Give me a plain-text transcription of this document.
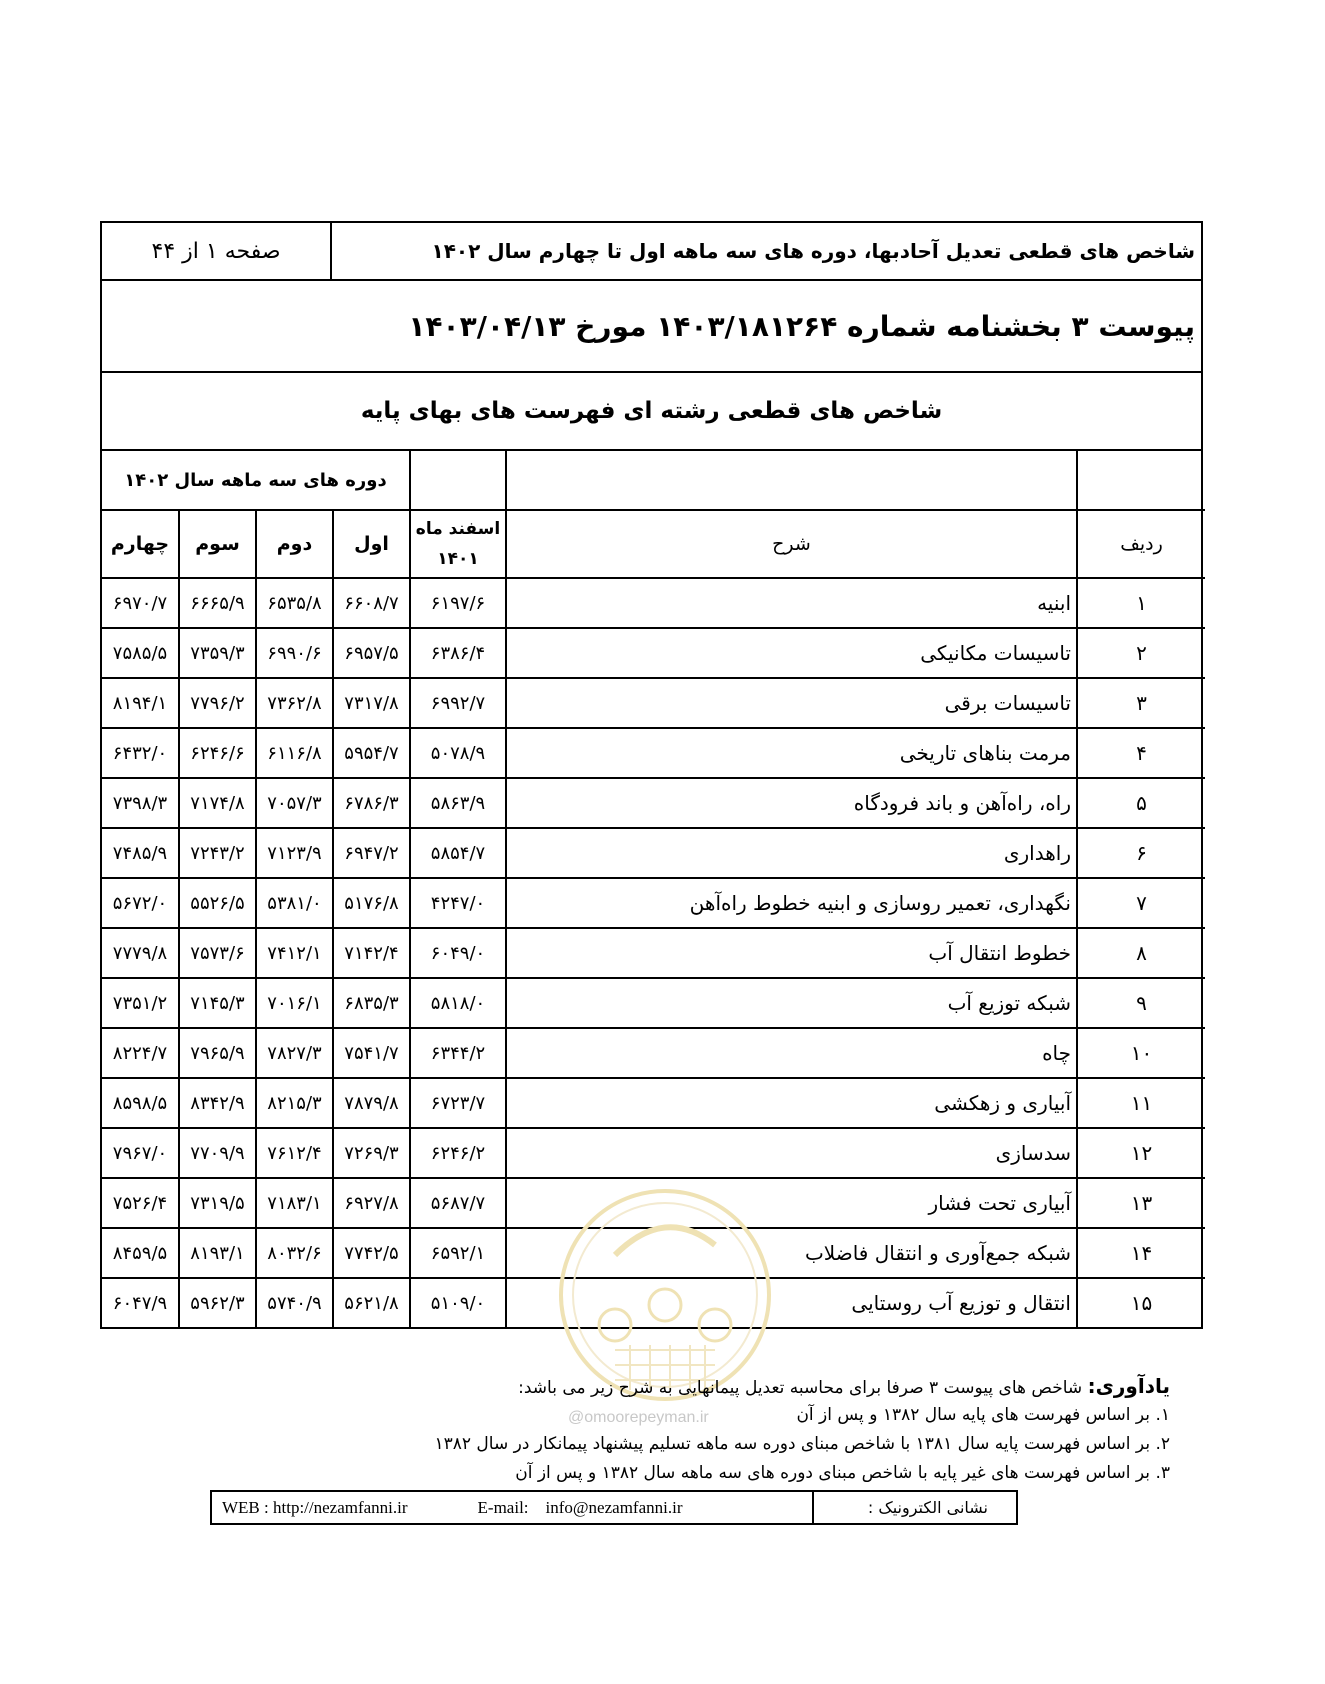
شاخص های قطعی تعدیل آحادبها، دوره های سه ماهه اول تا چهارم سال ۱۴۰۲
صفحه ۱ از ۴۴
پیوست ۳ بخشنامه شماره ۱۴۰۳/۱۸۱۲۶۴ مورخ ۱۴۰۳/۰۴/۱۳
شاخص های قطعی رشته ای فهرست های بهای پایه
			دوره های سه ماهه سال ۱۴۰۲			
ردیف	شرح	اسفند ماه
۱۴۰۱	اول	دوم	سوم	چهارم
۱	ابنیه	۶۱۹۷/۶	۶۶۰۸/۷	۶۵۳۵/۸	۶۶۶۵/۹	۶۹۷۰/۷
۲	تاسیسات مکانیکی	۶۳۸۶/۴	۶۹۵۷/۵	۶۹۹۰/۶	۷۳۵۹/۳	۷۵۸۵/۵
۳	تاسیسات برقی	۶۹۹۲/۷	۷۳۱۷/۸	۷۳۶۲/۸	۷۷۹۶/۲	۸۱۹۴/۱
۴	مرمت بناهای تاریخی	۵۰۷۸/۹	۵۹۵۴/۷	۶۱۱۶/۸	۶۲۴۶/۶	۶۴۳۲/۰
۵	راه، راه‌آهن و باند فرودگاه	۵۸۶۳/۹	۶۷۸۶/۳	۷۰۵۷/۳	۷۱۷۴/۸	۷۳۹۸/۳
۶	راهداری	۵۸۵۴/۷	۶۹۴۷/۲	۷۱۲۳/۹	۷۲۴۳/۲	۷۴۸۵/۹
۷	نگهداری، تعمیر روسازی و ابنیه خطوط راه‌آهن	۴۲۴۷/۰	۵۱۷۶/۸	۵۳۸۱/۰	۵۵۲۶/۵	۵۶۷۲/۰
۸	خطوط انتقال آب	۶۰۴۹/۰	۷۱۴۲/۴	۷۴۱۲/۱	۷۵۷۳/۶	۷۷۷۹/۸
۹	شبکه توزیع آب	۵۸۱۸/۰	۶۸۳۵/۳	۷۰۱۶/۱	۷۱۴۵/۳	۷۳۵۱/۲
۱۰	چاه	۶۳۴۴/۲	۷۵۴۱/۷	۷۸۲۷/۳	۷۹۶۵/۹	۸۲۲۴/۷
۱۱	آبیاری و زهکشی	۶۷۲۳/۷	۷۸۷۹/۸	۸۲۱۵/۳	۸۳۴۲/۹	۸۵۹۸/۵
۱۲	سدسازی	۶۲۴۶/۲	۷۲۶۹/۳	۷۶۱۲/۴	۷۷۰۹/۹	۷۹۶۷/۰
۱۳	آبیاری تحت فشار	۵۶۸۷/۷	۶۹۲۷/۸	۷۱۸۳/۱	۷۳۱۹/۵	۷۵۲۶/۴
۱۴	شبکه جمع‌آوری و انتقال فاضلاب	۶۵۹۲/۱	۷۷۴۲/۵	۸۰۳۲/۶	۸۱۹۳/۱	۸۴۵۹/۵
۱۵	انتقال و توزیع آب روستایی	۵۱۰۹/۰	۵۶۲۱/۸	۵۷۴۰/۹	۵۹۶۲/۳	۶۰۴۷/۹
@omoorepeyman.ir
یادآوری: شاخص های پیوست ۳ صرفا برای محاسبه تعدیل پیمانهایی به شرح زیر می باشد:
۱. بر اساس فهرست های پایه سال ۱۳۸۲ و پس از آن
۲. بر اساس فهرست پایه سال ۱۳۸۱ با شاخص مبنای دوره سه ماهه تسلیم پیشنهاد پیمانکار در سال ۱۳۸۲
۳. بر اساس فهرست های غیر پایه با شاخص مبنای دوره های سه ماهه سال ۱۳۸۲ و پس از آن
نشانی الکترونیک :
WEB : http://nezamfanni.ir	E-mail:    info@nezamfanni.ir
